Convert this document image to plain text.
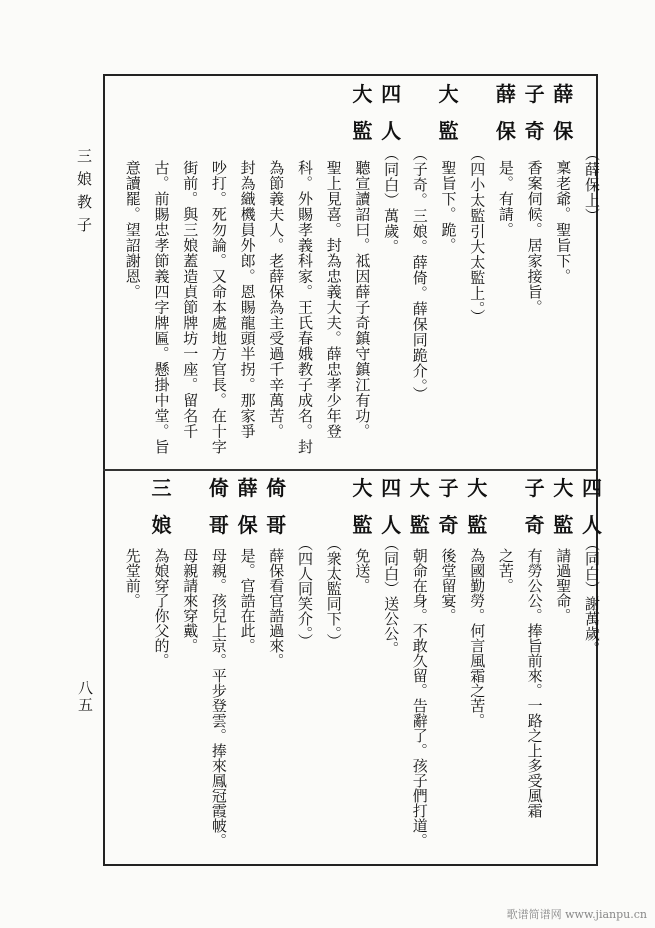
三娘教子
八五
（薛保上）
薛
保
稟老爺。聖旨下。
子
奇
香案伺候。居家接旨。
薛
保
是。有請。
（四小太監引大太監上。）
大
監
聖旨下。跪。
（子奇。三娘。薛倚。薛保同跪介。）
四
人
（同白）萬歲。
大
監
聽宣讀詔曰。祗因薛子奇鎮守鎮江有功。
聖上見喜。封為忠義大夫。薛忠孝少年登
科。外賜孝義科家。王氏春娥教子成名。封
為節義夫人。老薛保為主受過千辛萬苦。
封為織機員外郎。恩賜龍頭半拐。那家爭
吵打。死勿論。又命本處地方官長。在十字
街前。與三娘蓋造貞節牌坊一座。留名千
古。前賜忠孝節義四字牌匾。懸掛中堂。旨
意讀罷。望詔謝恩。
四
人
（同白）謝萬歲。
大
監
請過聖命。
子
奇
有勞公公。捧旨前來。一路之上多受風霜
之苦。
大
監
為國勤勞。何言風霜之苦。
子
奇
後堂留宴。
大
監
朝命在身。不敢久留。告辭了。孩子們打道。
四
人
（同白）送公公。
大
監
免送。
（衆太監同下。）
（四人同笑介。）
倚
哥
薛保看官誥過來。
薛
保
是。官誥在此。
倚
哥
母親。孩兒上京。平步登雲。捧來鳳冠霞帔。
母親請來穿戴。
三
娘
為娘穿了你父的。
先堂前。
歌谱简谱网 www.jianpu.cn
